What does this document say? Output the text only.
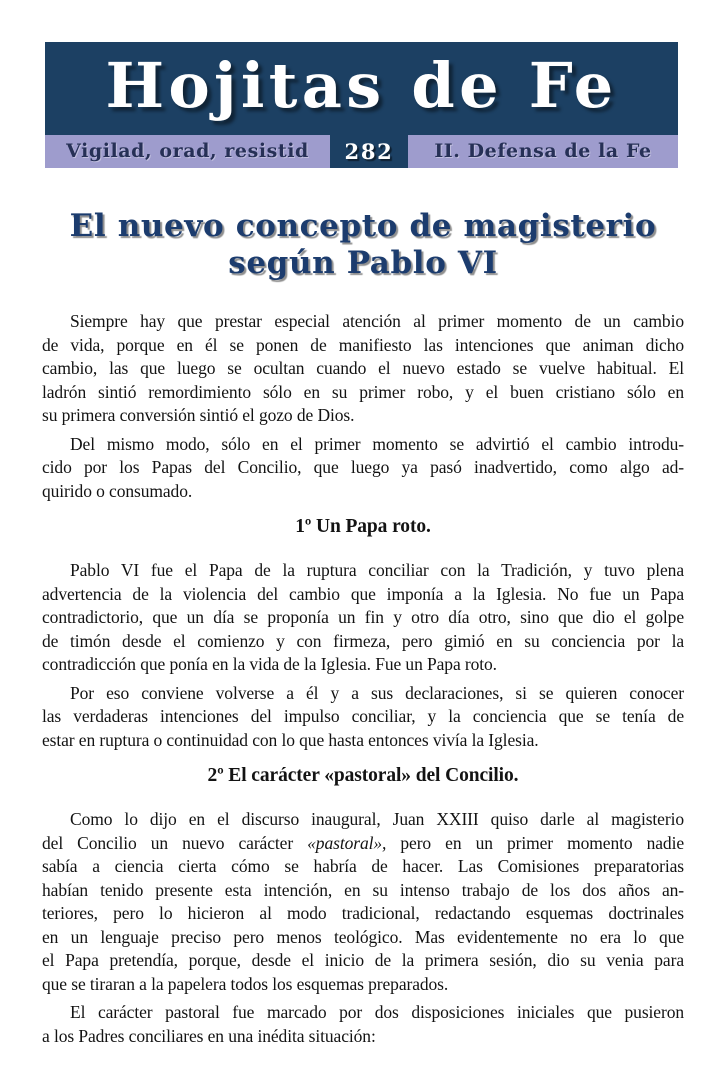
Hojitas de Fe
Vigilad, orad, resistid 282 II. Defensa de la Fe
El nuevo concepto de magisterio
según Pablo VI
Siempre hay que prestar especial atención al primer momento de un cambio
de vida, porque en él se ponen de manifiesto las intenciones que animan dicho
cambio, las que luego se ocultan cuando el nuevo estado se vuelve habitual. El
ladrón sintió remordimiento sólo en su primer robo, y el buen cristiano sólo en
su primera conversión sintió el gozo de Dios.
Del mismo modo, sólo en el primer momento se advirtió el cambio introdu-
cido por los Papas del Concilio, que luego ya pasó inadvertido, como algo ad-
quirido o consumado.
1º Un Papa roto.
Pablo VI fue el Papa de la ruptura conciliar con la Tradición, y tuvo plena
advertencia de la violencia del cambio que imponía a la Iglesia. No fue un Papa
contradictorio, que un día se proponía un fin y otro día otro, sino que dio el golpe
de timón desde el comienzo y con firmeza, pero gimió en su conciencia por la
contradicción que ponía en la vida de la Iglesia. Fue un Papa roto.
Por eso conviene volverse a él y a sus declaraciones, si se quieren conocer
las verdaderas intenciones del impulso conciliar, y la conciencia que se tenía de
estar en ruptura o continuidad con lo que hasta entonces vivía la Iglesia.
2º El carácter «pastoral» del Concilio.
Como lo dijo en el discurso inaugural, Juan XXIII quiso darle al magisterio
del Concilio un nuevo carácter «pastoral», pero en un primer momento nadie
sabía a ciencia cierta cómo se habría de hacer. Las Comisiones preparatorias
habían tenido presente esta intención, en su intenso trabajo de los dos años an-
teriores, pero lo hicieron al modo tradicional, redactando esquemas doctrinales
en un lenguaje preciso pero menos teológico. Mas evidentemente no era lo que
el Papa pretendía, porque, desde el inicio de la primera sesión, dio su venia para
que se tiraran a la papelera todos los esquemas preparados.
El carácter pastoral fue marcado por dos disposiciones iniciales que pusieron
a los Padres conciliares en una inédita situación:
